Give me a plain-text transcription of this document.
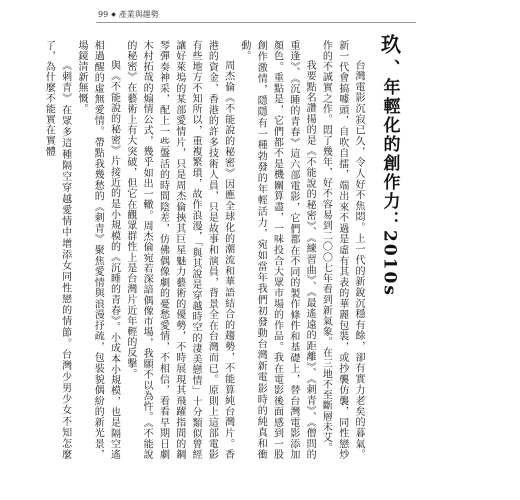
99 ◆ 產業與趨勢
玖
、年輕化的創作力：2010s

台灣電影沉寂已久，令人好不焦悶。上一代的新銳沉穩有餘，卻有實力老矣的暮氣。新一代會搞噱頭，自吹自擂，端出來不過是虛有其表的華麗包裝，或抄襲仿襲，同性戀炒作的不誠實之作。悶了幾年，好不容易到二〇〇七年看到新氣象。在三地不至斷層未艾。

我要點名讚揚的是《不能說的秘密》、《練習曲》、《最遙遠的距離》、《刺青》、《僧問的重逢》、《沉睡的青春》這六部電影，它們都在不同的製作條件和基礎上，替台灣電影添加顏色。重點是，它們都不是機關算盡，一味投合大眾市場的作品。我在電影後面感到一股創作激情，隱隱有一種勃發的年輕活力，宛如當年我們初發動台灣新電影時的純真和衝動。

周杰倫《不能說的秘密》因應全球化的潮流和華語結合的趨勢，不能算純台灣片。香港的資金、香港的許多技術人員，只是故事和演員，背景全在台灣而已。原則上這部電影有些地方不知所以，重複繁瑣，故作浪漫，「與其說是穿越時空的淒美戀情」十分類似曾經讓好萊塢的某部愛情片，只是周杰倫挾其巨星魅力藝術的優勢，不時展現其飛躍指間的鋼琴彈奏神采，配上一些盤活的時間陰差，仿佛偶像劇的憂愁愛情，不相信，看看早期日劇木村拓哉的煽情公式，幾乎如出一轍。周杰倫宛若深諳偶像市場，我願不以為忤。《不能說的秘密》在藝術上有大突破，但它在觀眾群性上是台灣片近年輕的反擊。

與《不能說的秘密》片接近的是小規模的《沉睡的青春》。小成本小規模，也是隔空遙相過醒的虛無愛情。帶點我幾愁的《刺青》聚焦愛情與浪漫抒疏，包裝貌偶紛的新光景，場鏡清新無慨。

《刺青》在眾多這種隔空穿越愛情中增添女同性戀的情節。台灣少男少女不知怎麼了，為什麼不能實在實體
